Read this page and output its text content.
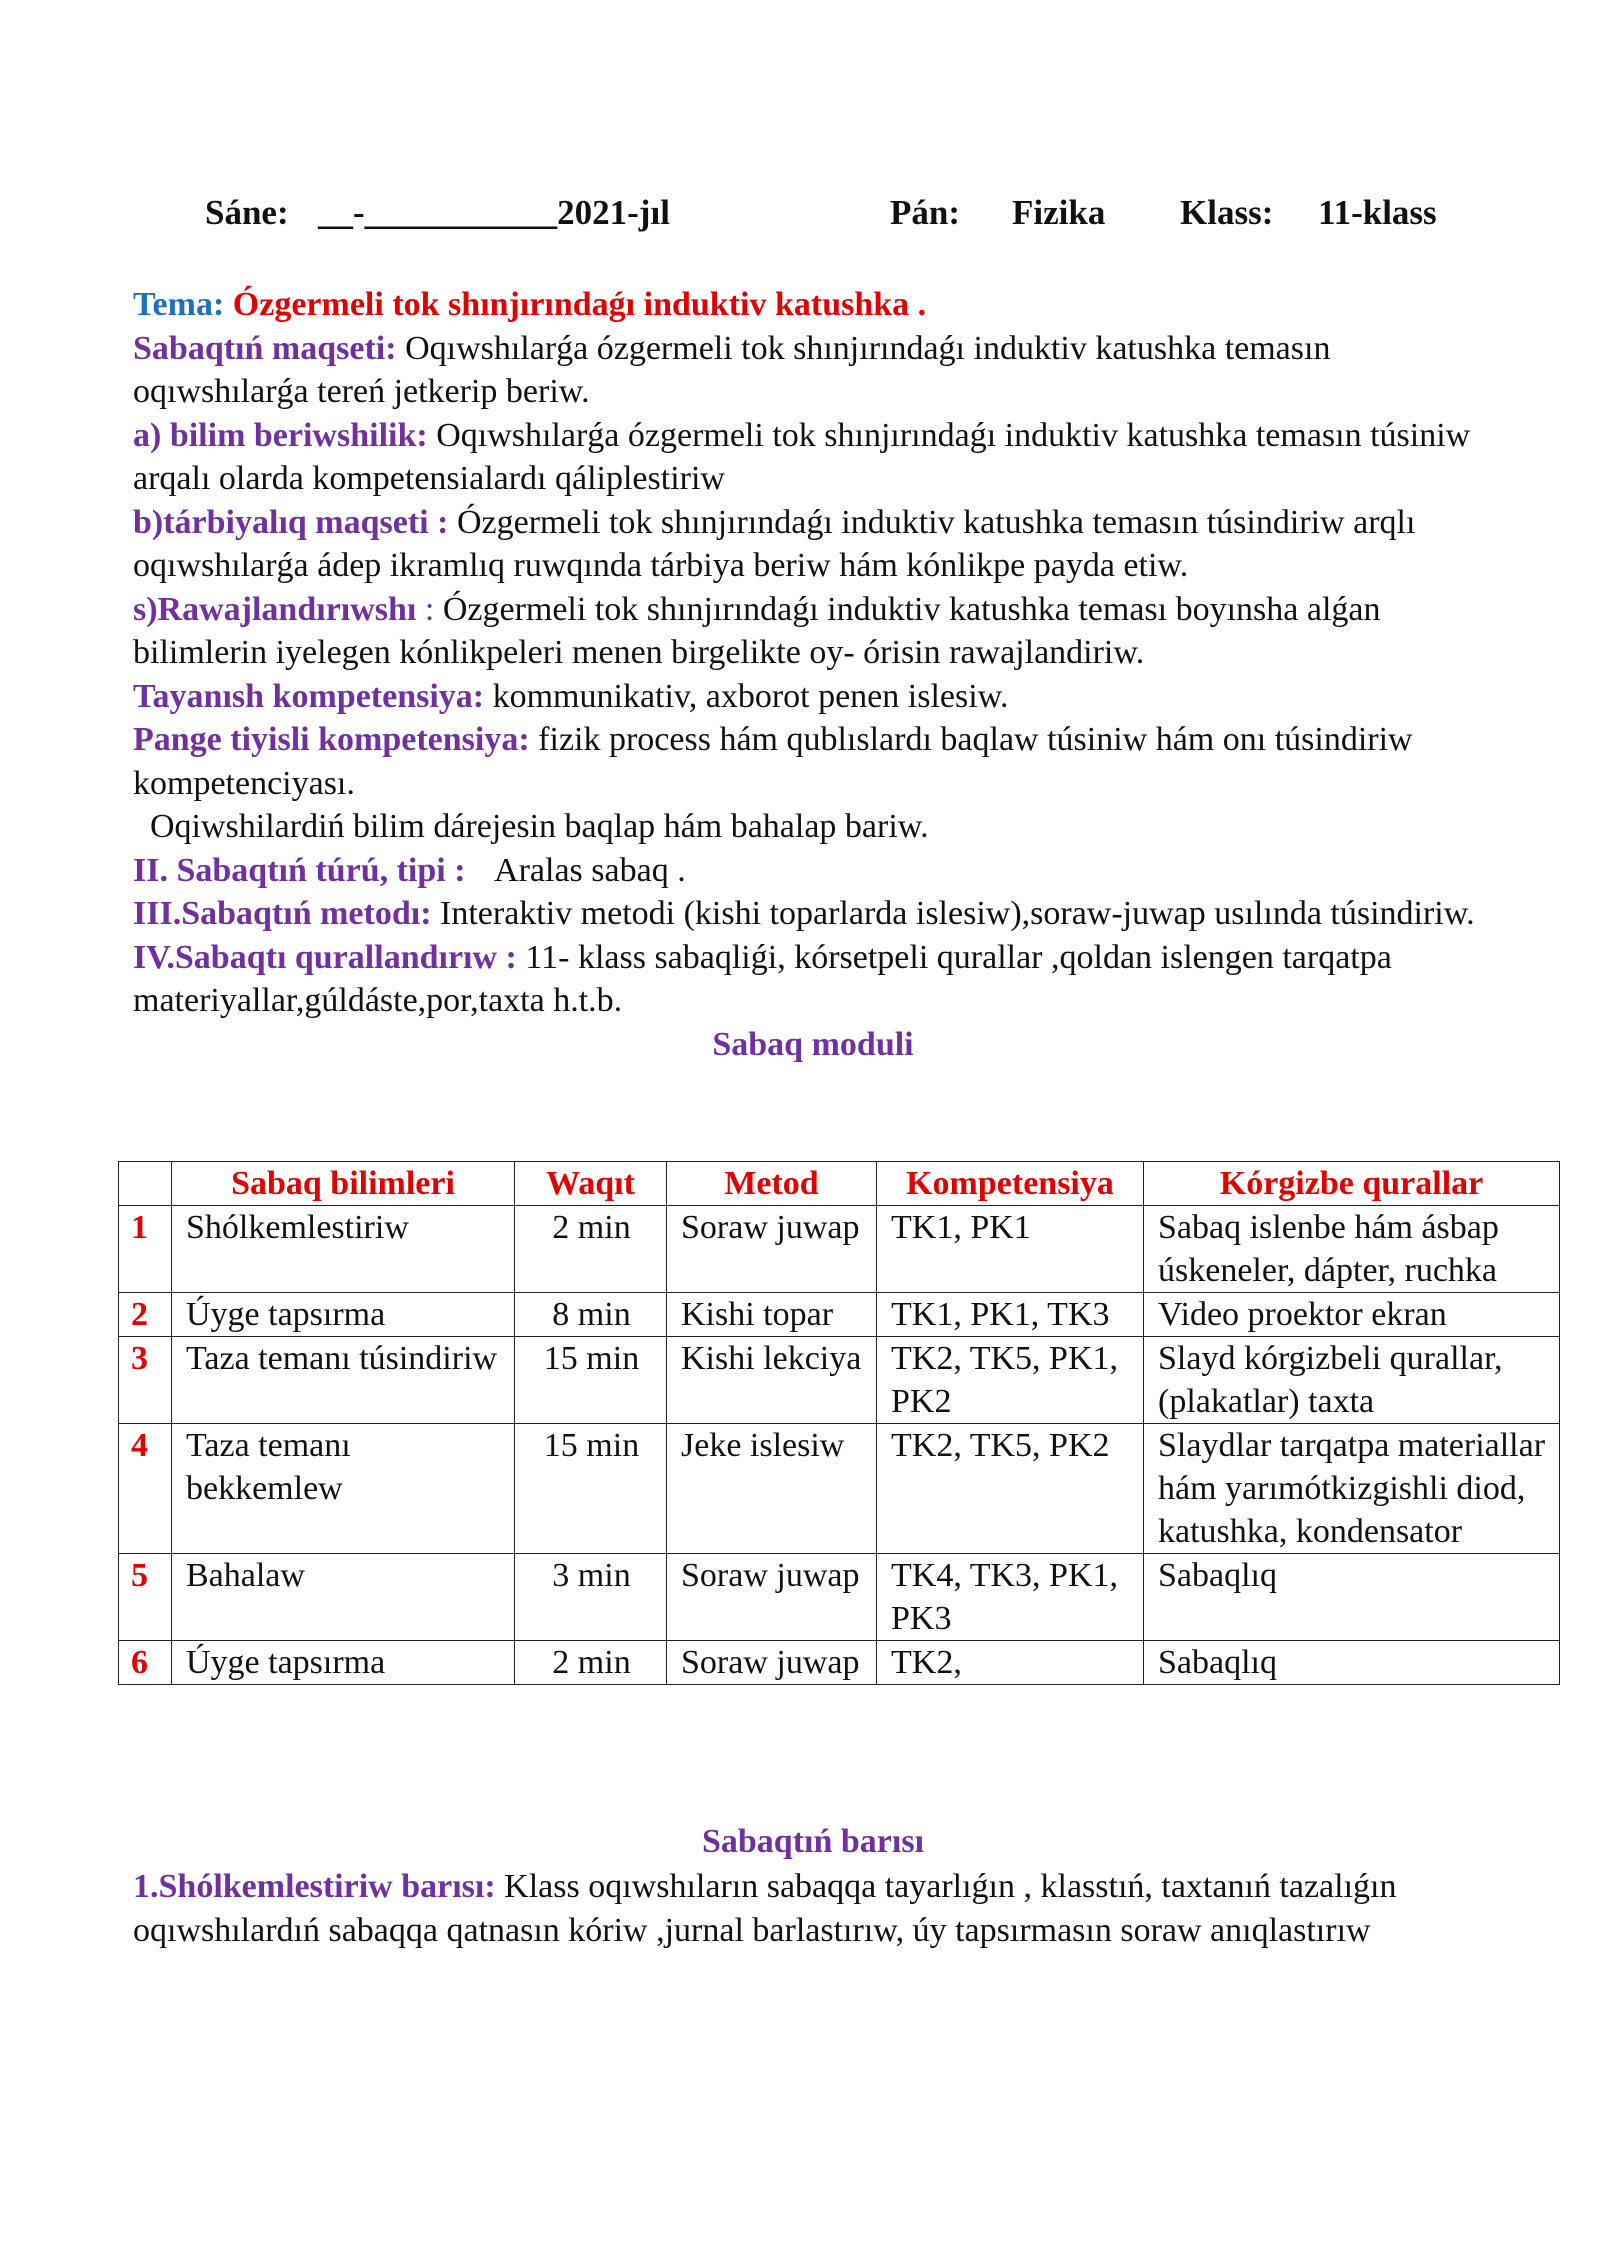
Sáne: __-___________2021-jıl	Pán: Fizika Klass: 11-klass

Tema: Ózgermeli tok shınjırındaǵı induktiv katushka .

Sabaqtıń maqseti: Oqıwshılarǵa ózgermeli tok shınjırındaǵı induktiv katushka temasın oqıwshılarǵa tereń jetkerip beriw.

a) bilim beriwshilik: Oqıwshılarǵa ózgermeli tok shınjırındaǵı induktiv katushka temasın túsiniw arqalı olarda kompetensialardı qáliplestiriw

b)tárbiyalıq maqseti : Ózgermeli tok shınjırındaǵı induktiv katushka temasın túsindiriw arqlı oqıwshılarǵa ádep ikramlıq ruwqında tárbiya beriw hám kónlikpe payda etiw.

s)Rawajlandırıwshı : Ózgermeli tok shınjırındaǵı induktiv katushka teması boyınsha alǵan bilimlerin iyelegen kónlikpeleri menen birgelikte oy- órisin rawajlandiriw.

Tayanısh kompetensiya: kommunikativ, axborot penen islesiw.

Pange tiyisli kompetensiya: fizik process hám qublıslardı baqlaw túsiniw hám onı túsindiriw kompetenciyası.

Oqiwshilardiń bilim dárejesin baqlap hám bahalap bariw.

II. Sabaqtıń túrú, tipi : Aralas sabaq .

III.Sabaqtıń metodı: Interaktiv metodi (kishi toparlarda islesiw),soraw-juwap usılında túsindiriw.

IV.Sabaqtı qurallandırıw : 11- klass sabaqliǵi, kórsetpeli qurallar ,qoldan islengen tarqatpa materiyallar,gúldáste,por,taxta h.t.b.

Sabaq moduli

	Sabaq bilimleri	Waqıt	Metod	Kompetensiya	Kórgizbe qurallar
1	Shólkemlestiriw	2 min	Soraw juwap	TK1, PK1	Sabaq islenbe hám ásbap úskeneler, dápter, ruchka
2	Úyge tapsırma	8 min	Kishi topar	TK1, PK1, TK3	Video proektor ekran
3	Taza temanı túsindiriw	15 min	Kishi lekciya	TK2, TK5, PK1, PK2	Slayd kórgizbeli qurallar, (plakatlar) taxta
4	Taza temanı bekkemlew	15 min	Jeke islesiw	TK2, TK5, PK2	Slaydlar tarqatpa materiallar hám yarımótkizgishli diod, katushka, kondensator
5	Bahalaw	3 min	Soraw juwap	TK4, TK3, PK1, PK3	Sabaqlıq
6	Úyge tapsırma	2 min	Soraw juwap	TK2,	Sabaqlıq

Sabaqtıń barısı

1.Shólkemlestiriw barısı: Klass oqıwshıların sabaqqa tayarlıǵın , klasstıń, taxtanıń tazalıǵın oqıwshılardıń sabaqqa qatnasın kóriw ,jurnal barlastırıw, úy tapsırmasın soraw anıqlastırıw
